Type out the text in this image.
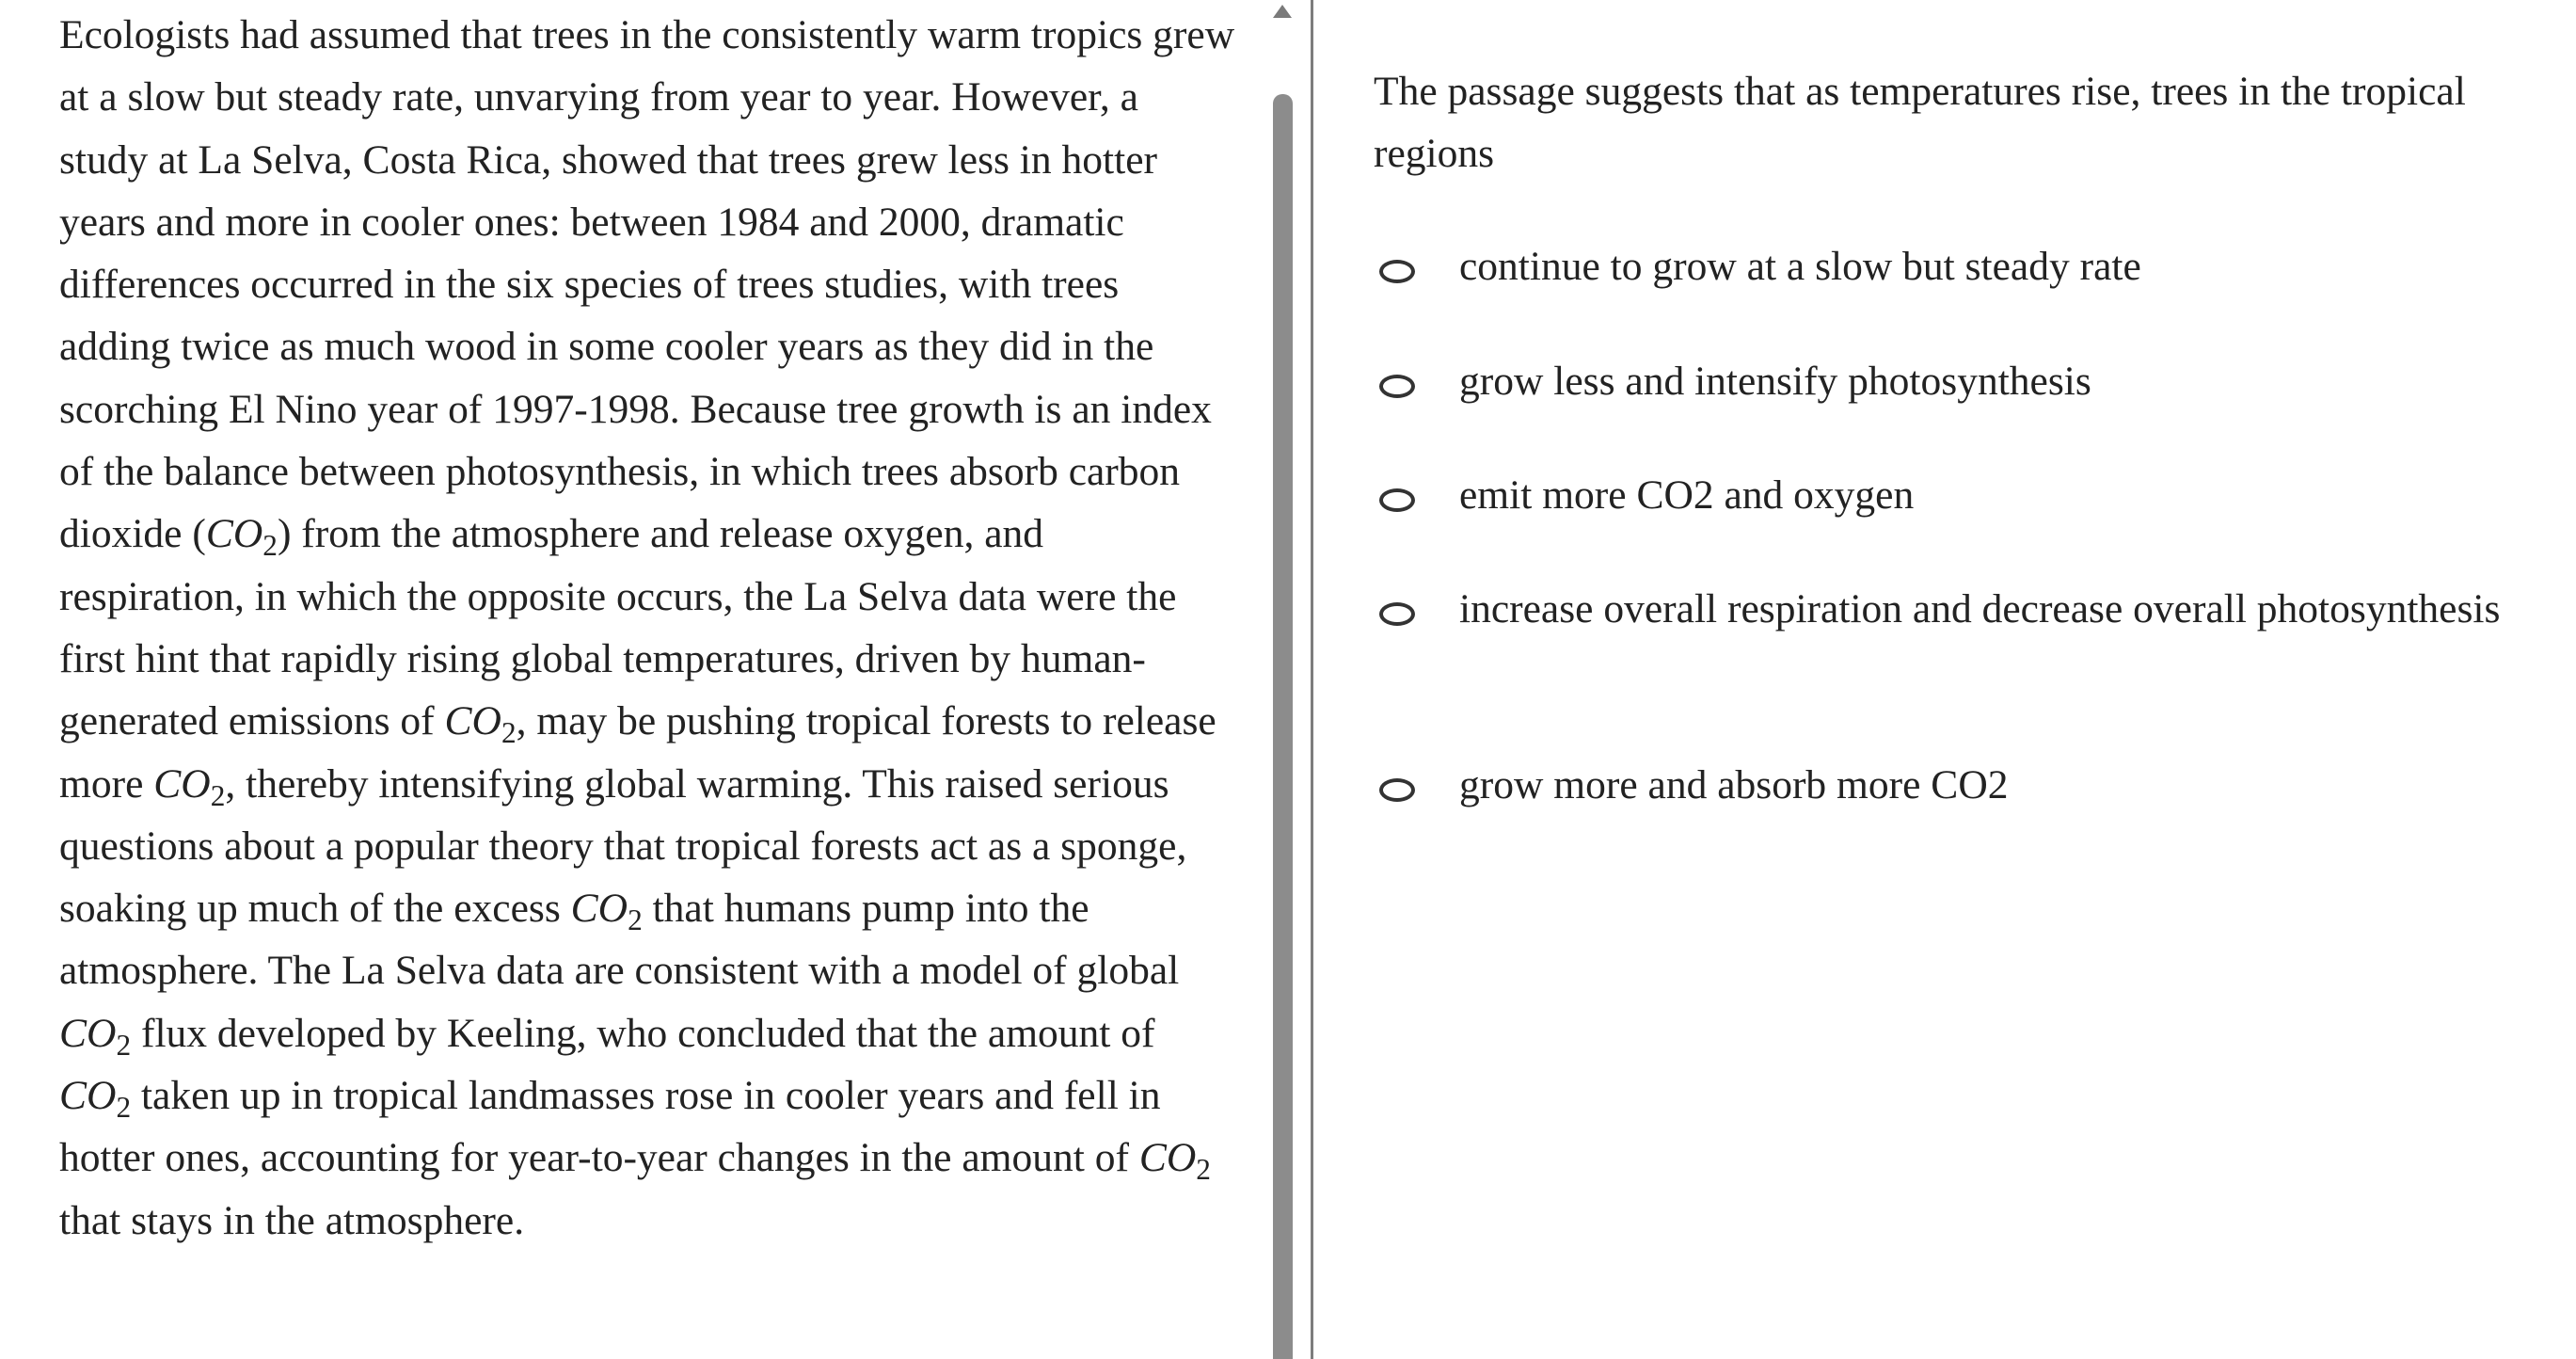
Ecologists had assumed that trees in the consistently warm tropics grew at a slow but steady rate, unvarying from year to year. However, a study at La Selva, Costa Rica, showed that trees grew less in hotter years and more in cooler ones: between 1984 and 2000, dramatic differences occurred in the six species of trees studies, with trees adding twice as much wood in some cooler years as they did in the scorching El Nino year of 1997-1998. Because tree growth is an index of the balance between photosynthesis, in which trees absorb carbon dioxide $(CO_2)$ from the atmosphere and release oxygen, and respiration, in which the opposite occurs, the La Selva data were the first hint that rapidly rising global temperatures, driven by human-generated emissions of $CO_2$, may be pushing tropical forests to release more $CO_2$, thereby intensifying global warming. This raised serious questions about a popular theory that tropical forests act as a sponge, soaking up much of the excess $CO_2$ that humans pump into the atmosphere. The La Selva data are consistent with a model of global $CO_2$ flux developed by Keeling, who concluded that the amount of $CO_2$ taken up in tropical landmasses rose in cooler years and fell in hotter ones, accounting for year-to-year changes in the amount of $CO_2$ that stays in the atmosphere.

The passage suggests that as temperatures rise, trees in the tropical regions

continue to grow at a slow but steady rate
grow less and intensify photosynthesis
emit more CO2 and oxygen
increase overall respiration and decrease overall photosynthesis
grow more and absorb more CO2
